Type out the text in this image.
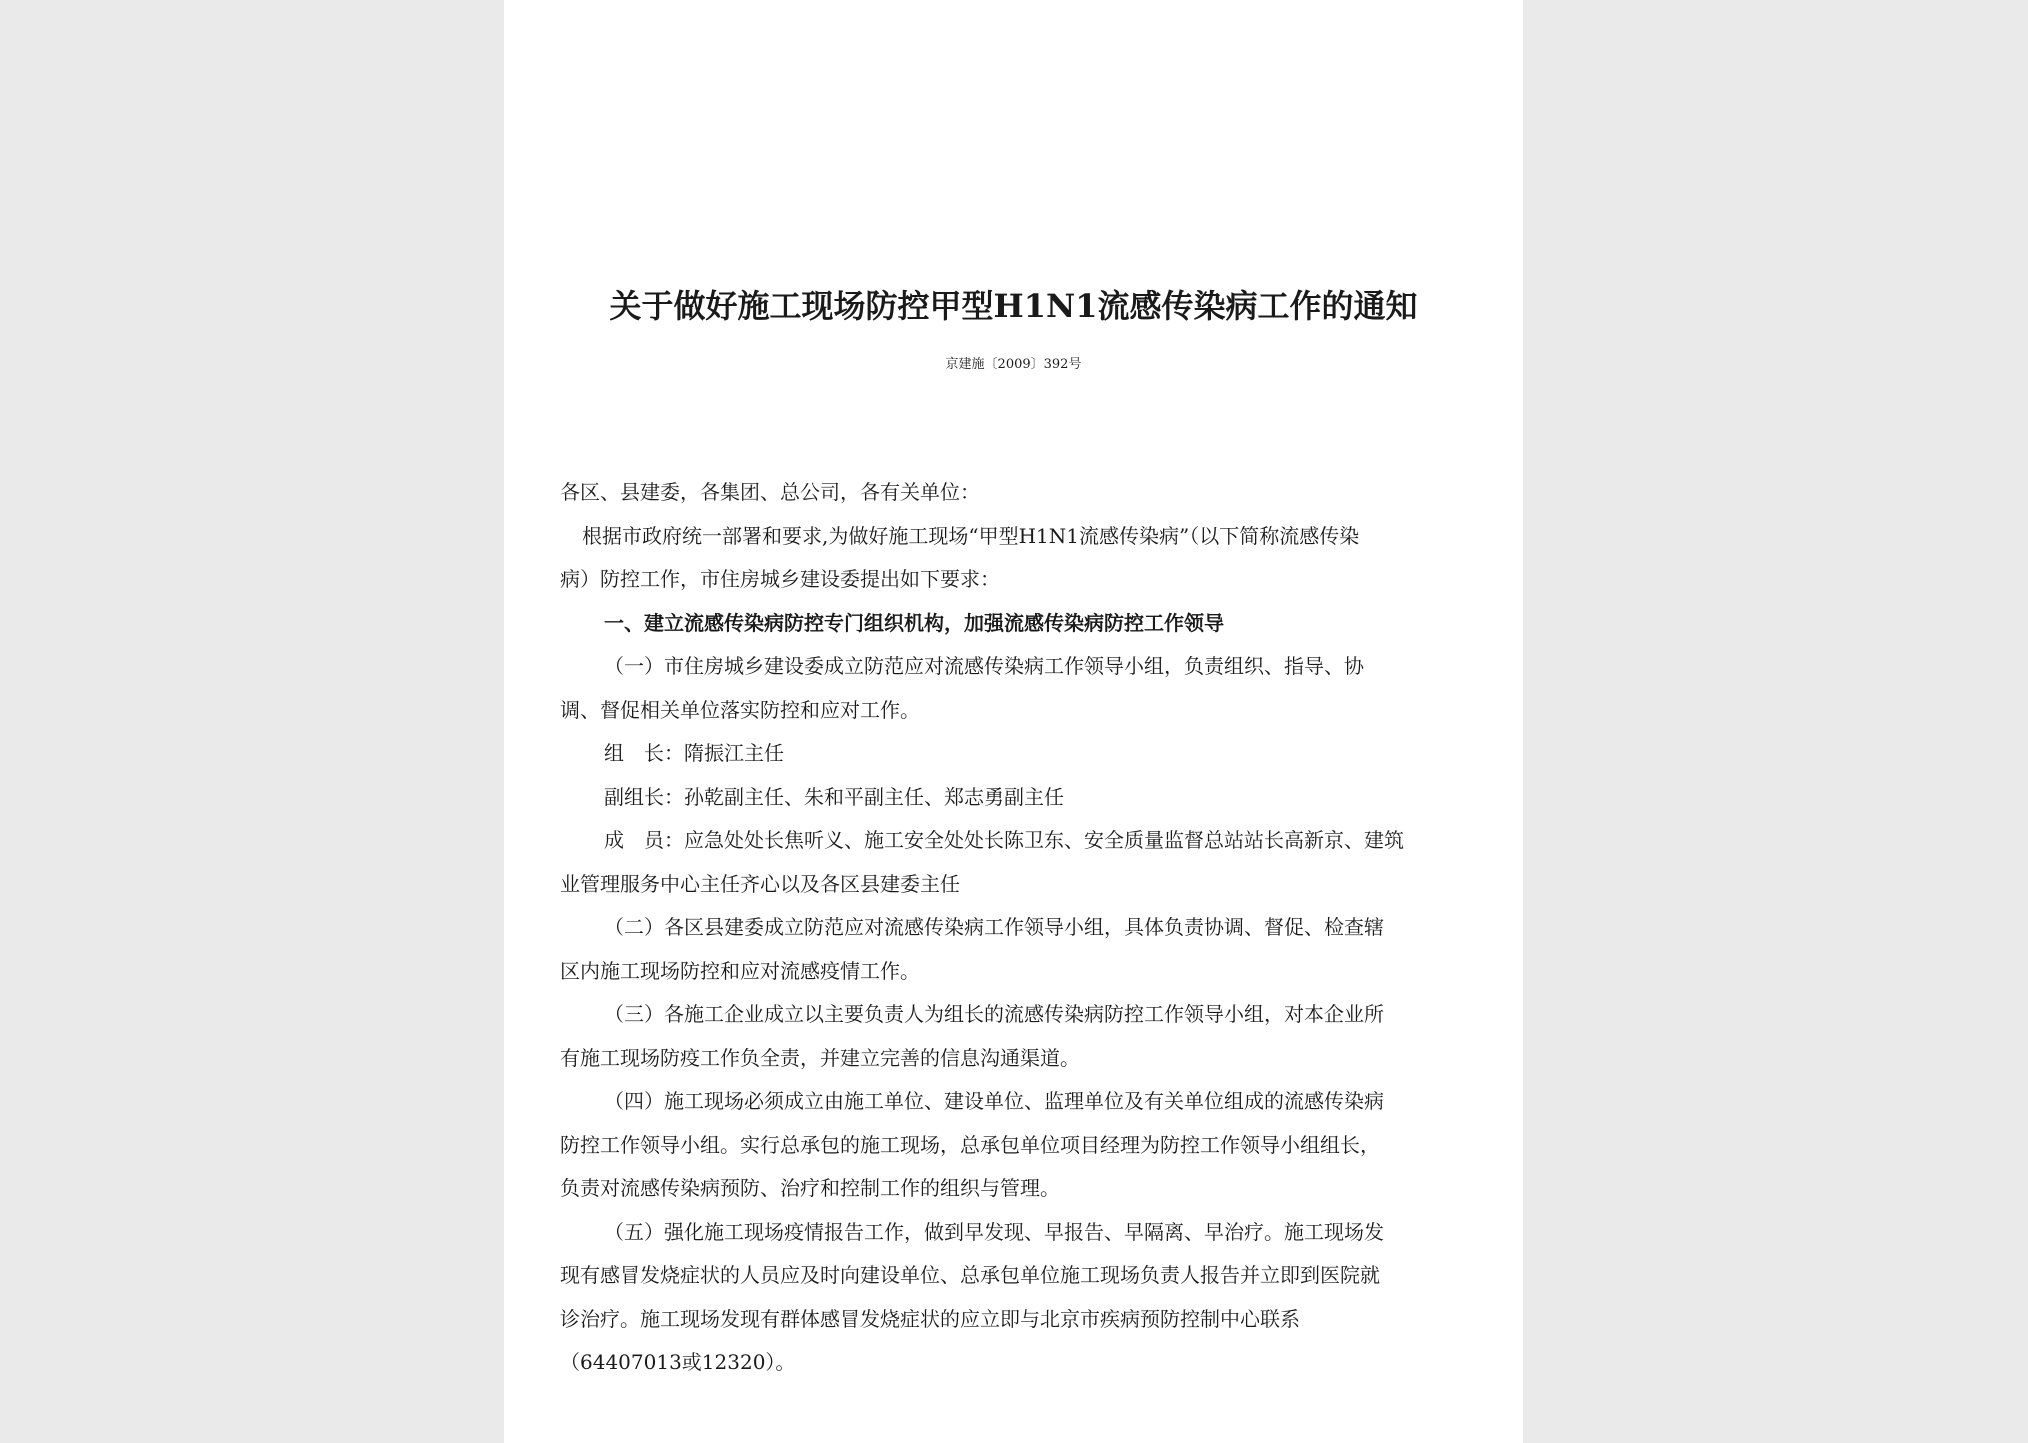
关于做好施工现场防控甲型H1N1流感传染病工作的通知
京建施〔2009〕392号
各区、县建委，各集团、总公司，各有关单位：
根据市政府统一部署和要求,为做好施工现场“甲型H1N1流感传染病”（以下简称流感传染
病）防控工作，市住房城乡建设委提出如下要求：
一、建立流感传染病防控专门组织机构，加强流感传染病防控工作领导
（一）市住房城乡建设委成立防范应对流感传染病工作领导小组，负责组织、指导、协
调、督促相关单位落实防控和应对工作。
组　长：隋振江主任
副组长：孙乾副主任、朱和平副主任、郑志勇副主任
成　员：应急处处长焦听义、施工安全处处长陈卫东、安全质量监督总站站长高新京、建筑
业管理服务中心主任齐心以及各区县建委主任
（二）各区县建委成立防范应对流感传染病工作领导小组，具体负责协调、督促、检查辖
区内施工现场防控和应对流感疫情工作。
（三）各施工企业成立以主要负责人为组长的流感传染病防控工作领导小组，对本企业所
有施工现场防疫工作负全责，并建立完善的信息沟通渠道。
（四）施工现场必须成立由施工单位、建设单位、监理单位及有关单位组成的流感传染病
防控工作领导小组。实行总承包的施工现场，总承包单位项目经理为防控工作领导小组组长，
负责对流感传染病预防、治疗和控制工作的组织与管理。
（五）强化施工现场疫情报告工作，做到早发现、早报告、早隔离、早治疗。施工现场发
现有感冒发烧症状的人员应及时向建设单位、总承包单位施工现场负责人报告并立即到医院就
诊治疗。施工现场发现有群体感冒发烧症状的应立即与北京市疾病预防控制中心联系
（64407013或12320）。
